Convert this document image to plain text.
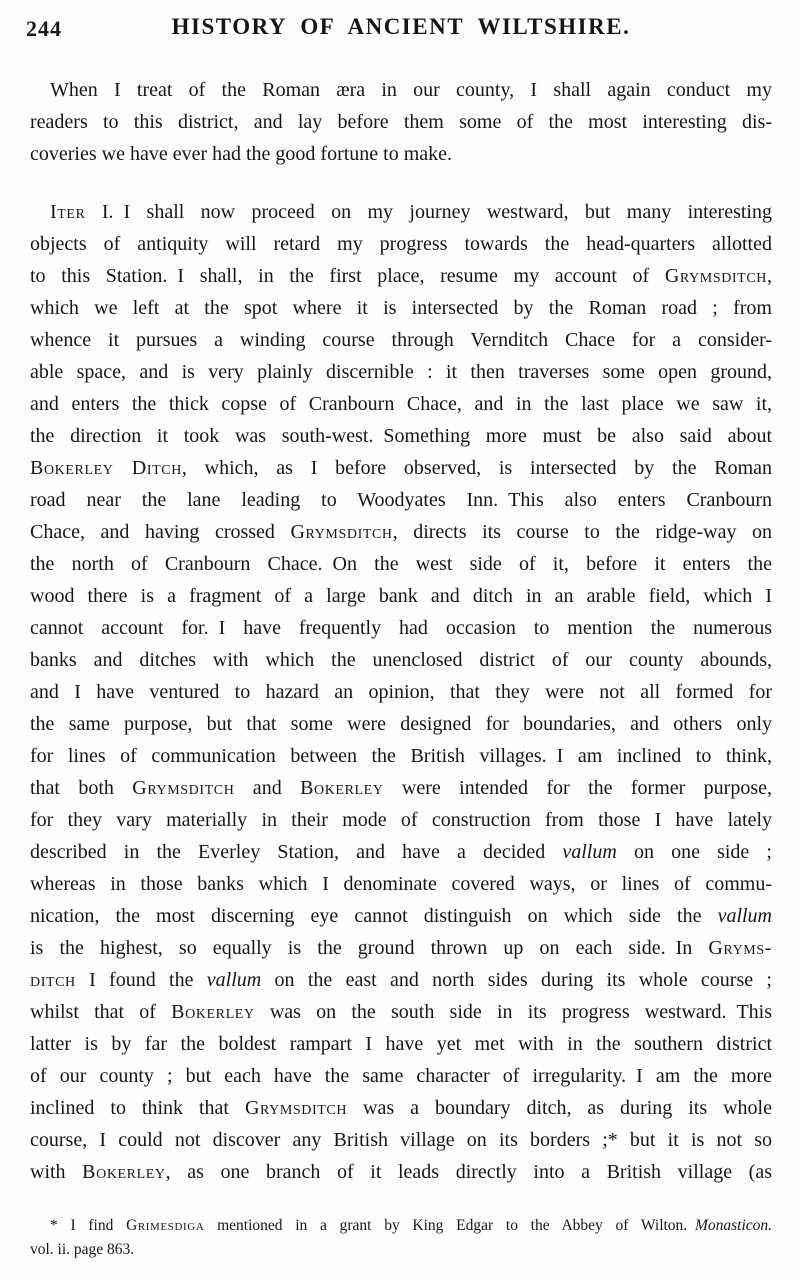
244	HISTORY OF ANCIENT WILTSHIRE.
When I treat of the Roman æra in our county, I shall again conduct my
readers to this district, and lay before them some of the most interesting dis-
coveries we have ever had the good fortune to make.
Iter I. I shall now proceed on my journey westward, but many interesting
objects of antiquity will retard my progress towards the head-quarters allotted
to this Station. I shall, in the first place, resume my account of Grymsditch,
which we left at the spot where it is intersected by the Roman road ; from
whence it pursues a winding course through Vernditch Chace for a consider-
able space, and is very plainly discernible : it then traverses some open ground,
and enters the thick copse of Cranbourn Chace, and in the last place we saw it,
the direction it took was south-west. Something more must be also said about
Bokerley Ditch, which, as I before observed, is intersected by the Roman
road near the lane leading to Woodyates Inn. This also enters Cranbourn
Chace, and having crossed Grymsditch, directs its course to the ridge-way on
the north of Cranbourn Chace. On the west side of it, before it enters the
wood there is a fragment of a large bank and ditch in an arable field, which I
cannot account for. I have frequently had occasion to mention the numerous
banks and ditches with which the unenclosed district of our county abounds,
and I have ventured to hazard an opinion, that they were not all formed for
the same purpose, but that some were designed for boundaries, and others only
for lines of communication between the British villages. I am inclined to think,
that both Grymsditch and Bokerley were intended for the former purpose,
for they vary materially in their mode of construction from those I have lately
described in the Everley Station, and have a decided vallum on one side ;
whereas in those banks which I denominate covered ways, or lines of commu-
nication, the most discerning eye cannot distinguish on which side the vallum
is the highest, so equally is the ground thrown up on each side. In Gryms-
ditch I found the vallum on the east and north sides during its whole course ;
whilst that of Bokerley was on the south side in its progress westward. This
latter is by far the boldest rampart I have yet met with in the southern district
of our county ; but each have the same character of irregularity. I am the more
inclined to think that Grymsditch was a boundary ditch, as during its whole
course, I could not discover any British village on its borders ;* but it is not so
with Bokerley, as one branch of it leads directly into a British village (as
* I find Grimesdiga mentioned in a grant by King Edgar to the Abbey of Wilton. Monasticon.
vol. ii. page 863.
